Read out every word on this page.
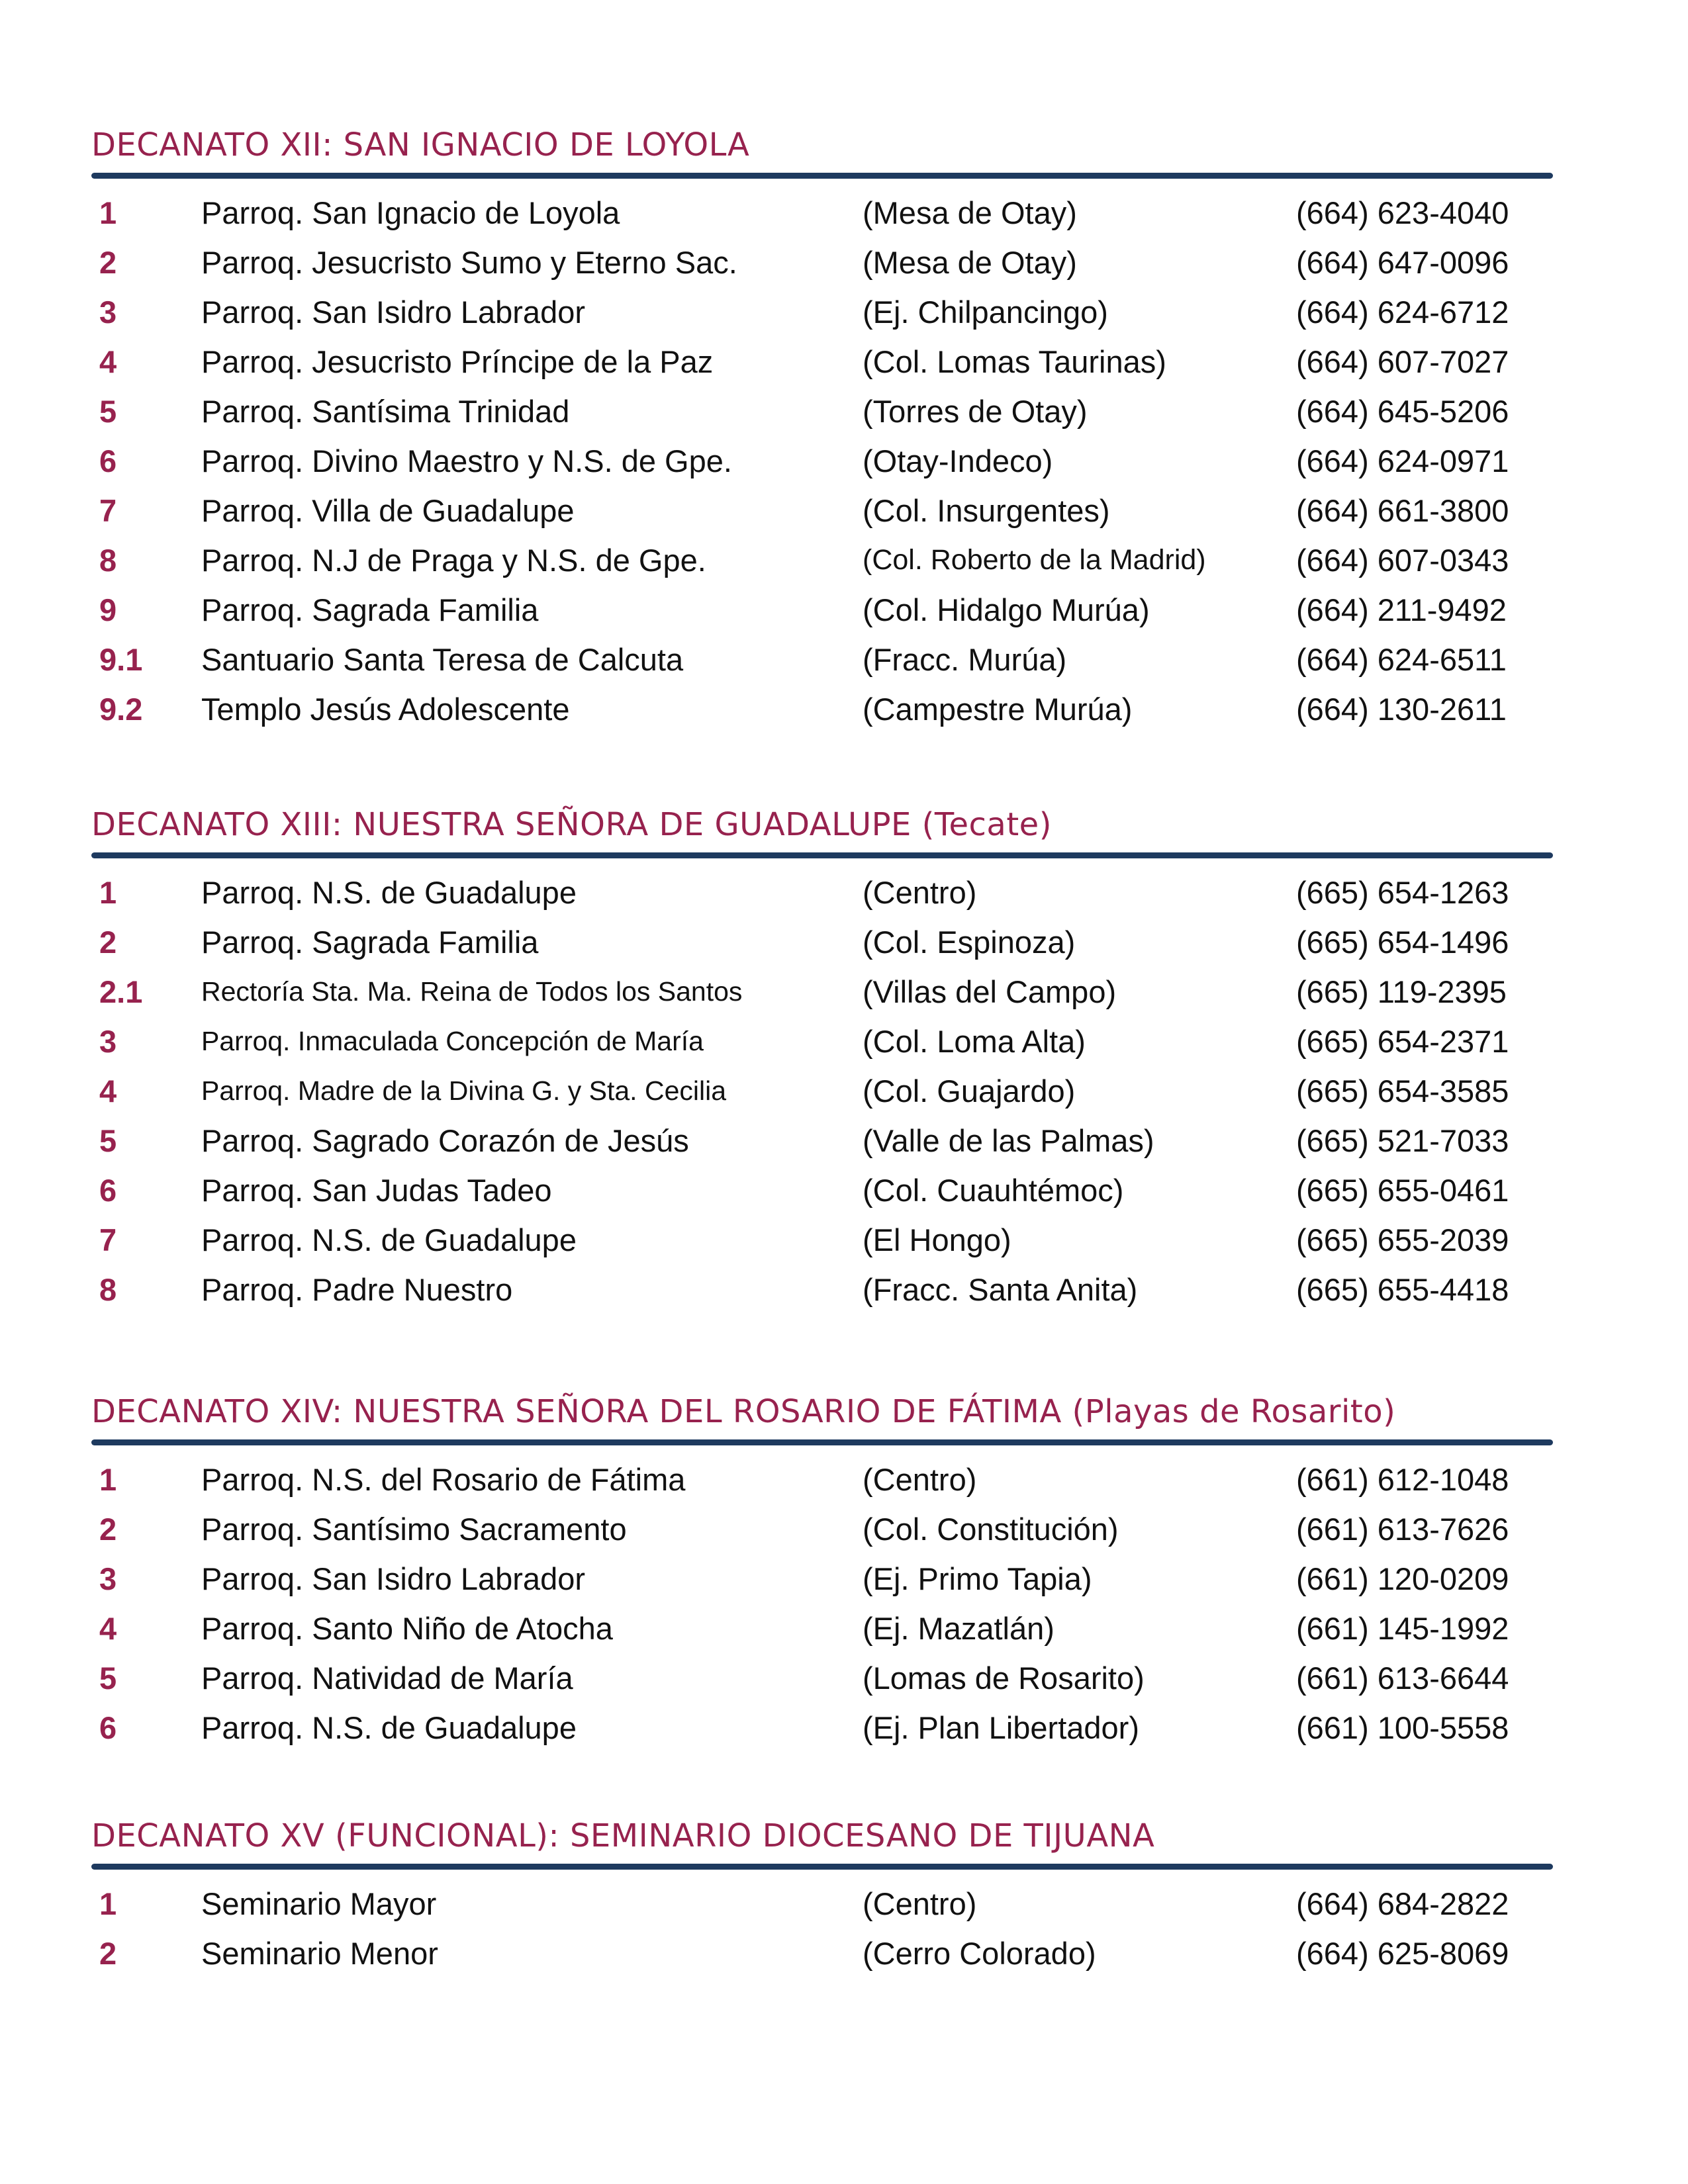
DECANATO XII: SAN IGNACIO DE LOYOLA
1	Parroq. San Ignacio de Loyola	(Mesa de Otay)	(664) 623-4040
2	Parroq. Jesucristo Sumo y Eterno Sac.	(Mesa de Otay)	(664) 647-0096
3	Parroq. San Isidro Labrador	(Ej. Chilpancingo)	(664) 624-6712
4	Parroq. Jesucristo Príncipe de la Paz	(Col. Lomas Taurinas)	(664) 607-7027
5	Parroq. Santísima Trinidad	(Torres de Otay)	(664) 645-5206
6	Parroq. Divino Maestro y N.S. de Gpe.	(Otay-Indeco)	(664) 624-0971
7	Parroq. Villa de Guadalupe	(Col. Insurgentes)	(664) 661-3800
8	Parroq. N.J de Praga y N.S. de Gpe.	(Col. Roberto de la Madrid)	(664) 607-0343
9	Parroq. Sagrada Familia	(Col. Hidalgo Murúa)	(664) 211-9492
9.1 Santuario Santa Teresa de Calcuta	(Fracc. Murúa)	(664) 624-6511
9.2 Templo Jesús Adolescente	(Campestre Murúa)	(664) 130-2611
DECANATO XIII: NUESTRA SEÑORA DE GUADALUPE (Tecate)
1	Parroq. N.S. de Guadalupe	(Centro)	(665) 654-1263
2	Parroq. Sagrada Familia	(Col. Espinoza)	(665) 654-1496
2.1 Rectoría Sta. Ma. Reina de Todos los Santos	(Villas del Campo)	(665) 119-2395
3	Parroq. Inmaculada Concepción de María	(Col. Loma Alta)	(665) 654-2371
4	Parroq. Madre de la Divina G. y Sta. Cecilia	(Col. Guajardo)	(665) 654-3585
5	Parroq. Sagrado Corazón de Jesús	(Valle de las Palmas)	(665) 521-7033
6	Parroq. San Judas Tadeo	(Col. Cuauhtémoc)	(665) 655-0461
7	Parroq. N.S. de Guadalupe	(El Hongo)	(665) 655-2039
8	Parroq. Padre Nuestro	(Fracc. Santa Anita)	(665) 655-4418
DECANATO XIV: NUESTRA SEÑORA DEL ROSARIO DE FÁTIMA (Playas de Rosarito)
1	Parroq. N.S. del Rosario de Fátima	(Centro)	(661) 612-1048
2	Parroq. Santísimo Sacramento	(Col. Constitución)	(661) 613-7626
3	Parroq. San Isidro Labrador	(Ej. Primo Tapia)	(661) 120-0209
4	Parroq. Santo Niño de Atocha	(Ej. Mazatlán)	(661) 145-1992
5	Parroq. Natividad de María	(Lomas de Rosarito)	(661) 613-6644
6	Parroq. N.S. de Guadalupe	(Ej. Plan Libertador)	(661) 100-5558
DECANATO XV (FUNCIONAL): SEMINARIO DIOCESANO DE TIJUANA
1	Seminario Mayor	(Centro)	(664) 684-2822
2	Seminario Menor	(Cerro Colorado)	(664) 625-8069
